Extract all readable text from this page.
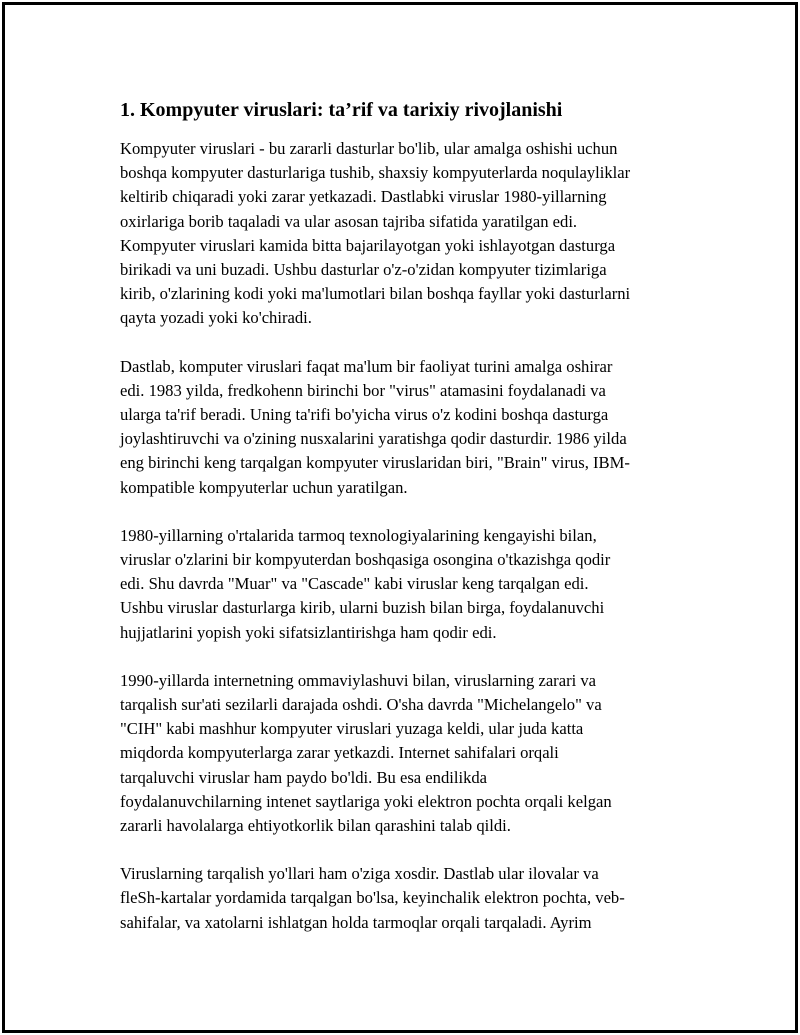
1. Kompyuter viruslari: ta’rif va tarixiy rivojlanishi

Kompyuter viruslari - bu zararli dasturlar bo'lib, ular amalga oshishi uchun
boshqa kompyuter dasturlariga tushib, shaxsiy kompyuterlarda noqulayliklar
keltirib chiqaradi yoki zarar yetkazadi. Dastlabki viruslar 1980-yillarning
oxirlariga borib taqaladi va ular asosan tajriba sifatida yaratilgan edi.
Kompyuter viruslari kamida bitta bajarilayotgan yoki ishlayotgan dasturga
birikadi va uni buzadi. Ushbu dasturlar o'z-o'zidan kompyuter tizimlariga
kirib, o'zlarining kodi yoki ma'lumotlari bilan boshqa fayllar yoki dasturlarni
qayta yozadi yoki ko'chiradi.

Dastlab, komputer viruslari faqat ma'lum bir faoliyat turini amalga oshirar
edi. 1983 yilda, fredkohenn birinchi bor "virus" atamasini foydalanadi va
ularga ta'rif beradi. Uning ta'rifi bo'yicha virus o'z kodini boshqa dasturga
joylashtiruvchi va o'zining nusxalarini yaratishga qodir dasturdir. 1986 yilda
eng birinchi keng tarqalgan kompyuter viruslaridan biri, "Brain" virus, IBM-
kompatible kompyuterlar uchun yaratilgan.

1980-yillarning o'rtalarida tarmoq texnologiyalarining kengayishi bilan,
viruslar o'zlarini bir kompyuterdan boshqasiga osongina o'tkazishga qodir
edi. Shu davrda "Muar" va "Cascade" kabi viruslar keng tarqalgan edi.
Ushbu viruslar dasturlarga kirib, ularni buzish bilan birga, foydalanuvchi
hujjatlarini yopish yoki sifatsizlantirishga ham qodir edi.

1990-yillarda internetning ommaviylashuvi bilan, viruslarning zarari va
tarqalish sur'ati sezilarli darajada oshdi. O'sha davrda "Michelangelo" va
"CIH" kabi mashhur kompyuter viruslari yuzaga keldi, ular juda katta
miqdorda kompyuterlarga zarar yetkazdi. Internet sahifalari orqali
tarqaluvchi viruslar ham paydo bo'ldi. Bu esa endilikda
foydalanuvchilarning intenet saytlariga yoki elektron pochta orqali kelgan
zararli havolalarga ehtiyotkorlik bilan qarashini talab qildi.

Viruslarning tarqalish yo'llari ham o'ziga xosdir. Dastlab ular ilovalar va
fleSh-kartalar yordamida tarqalgan bo'lsa, keyinchalik elektron pochta, veb-
sahifalar, va xatolarni ishlatgan holda tarmoqlar orqali tarqaladi. Ayrim
